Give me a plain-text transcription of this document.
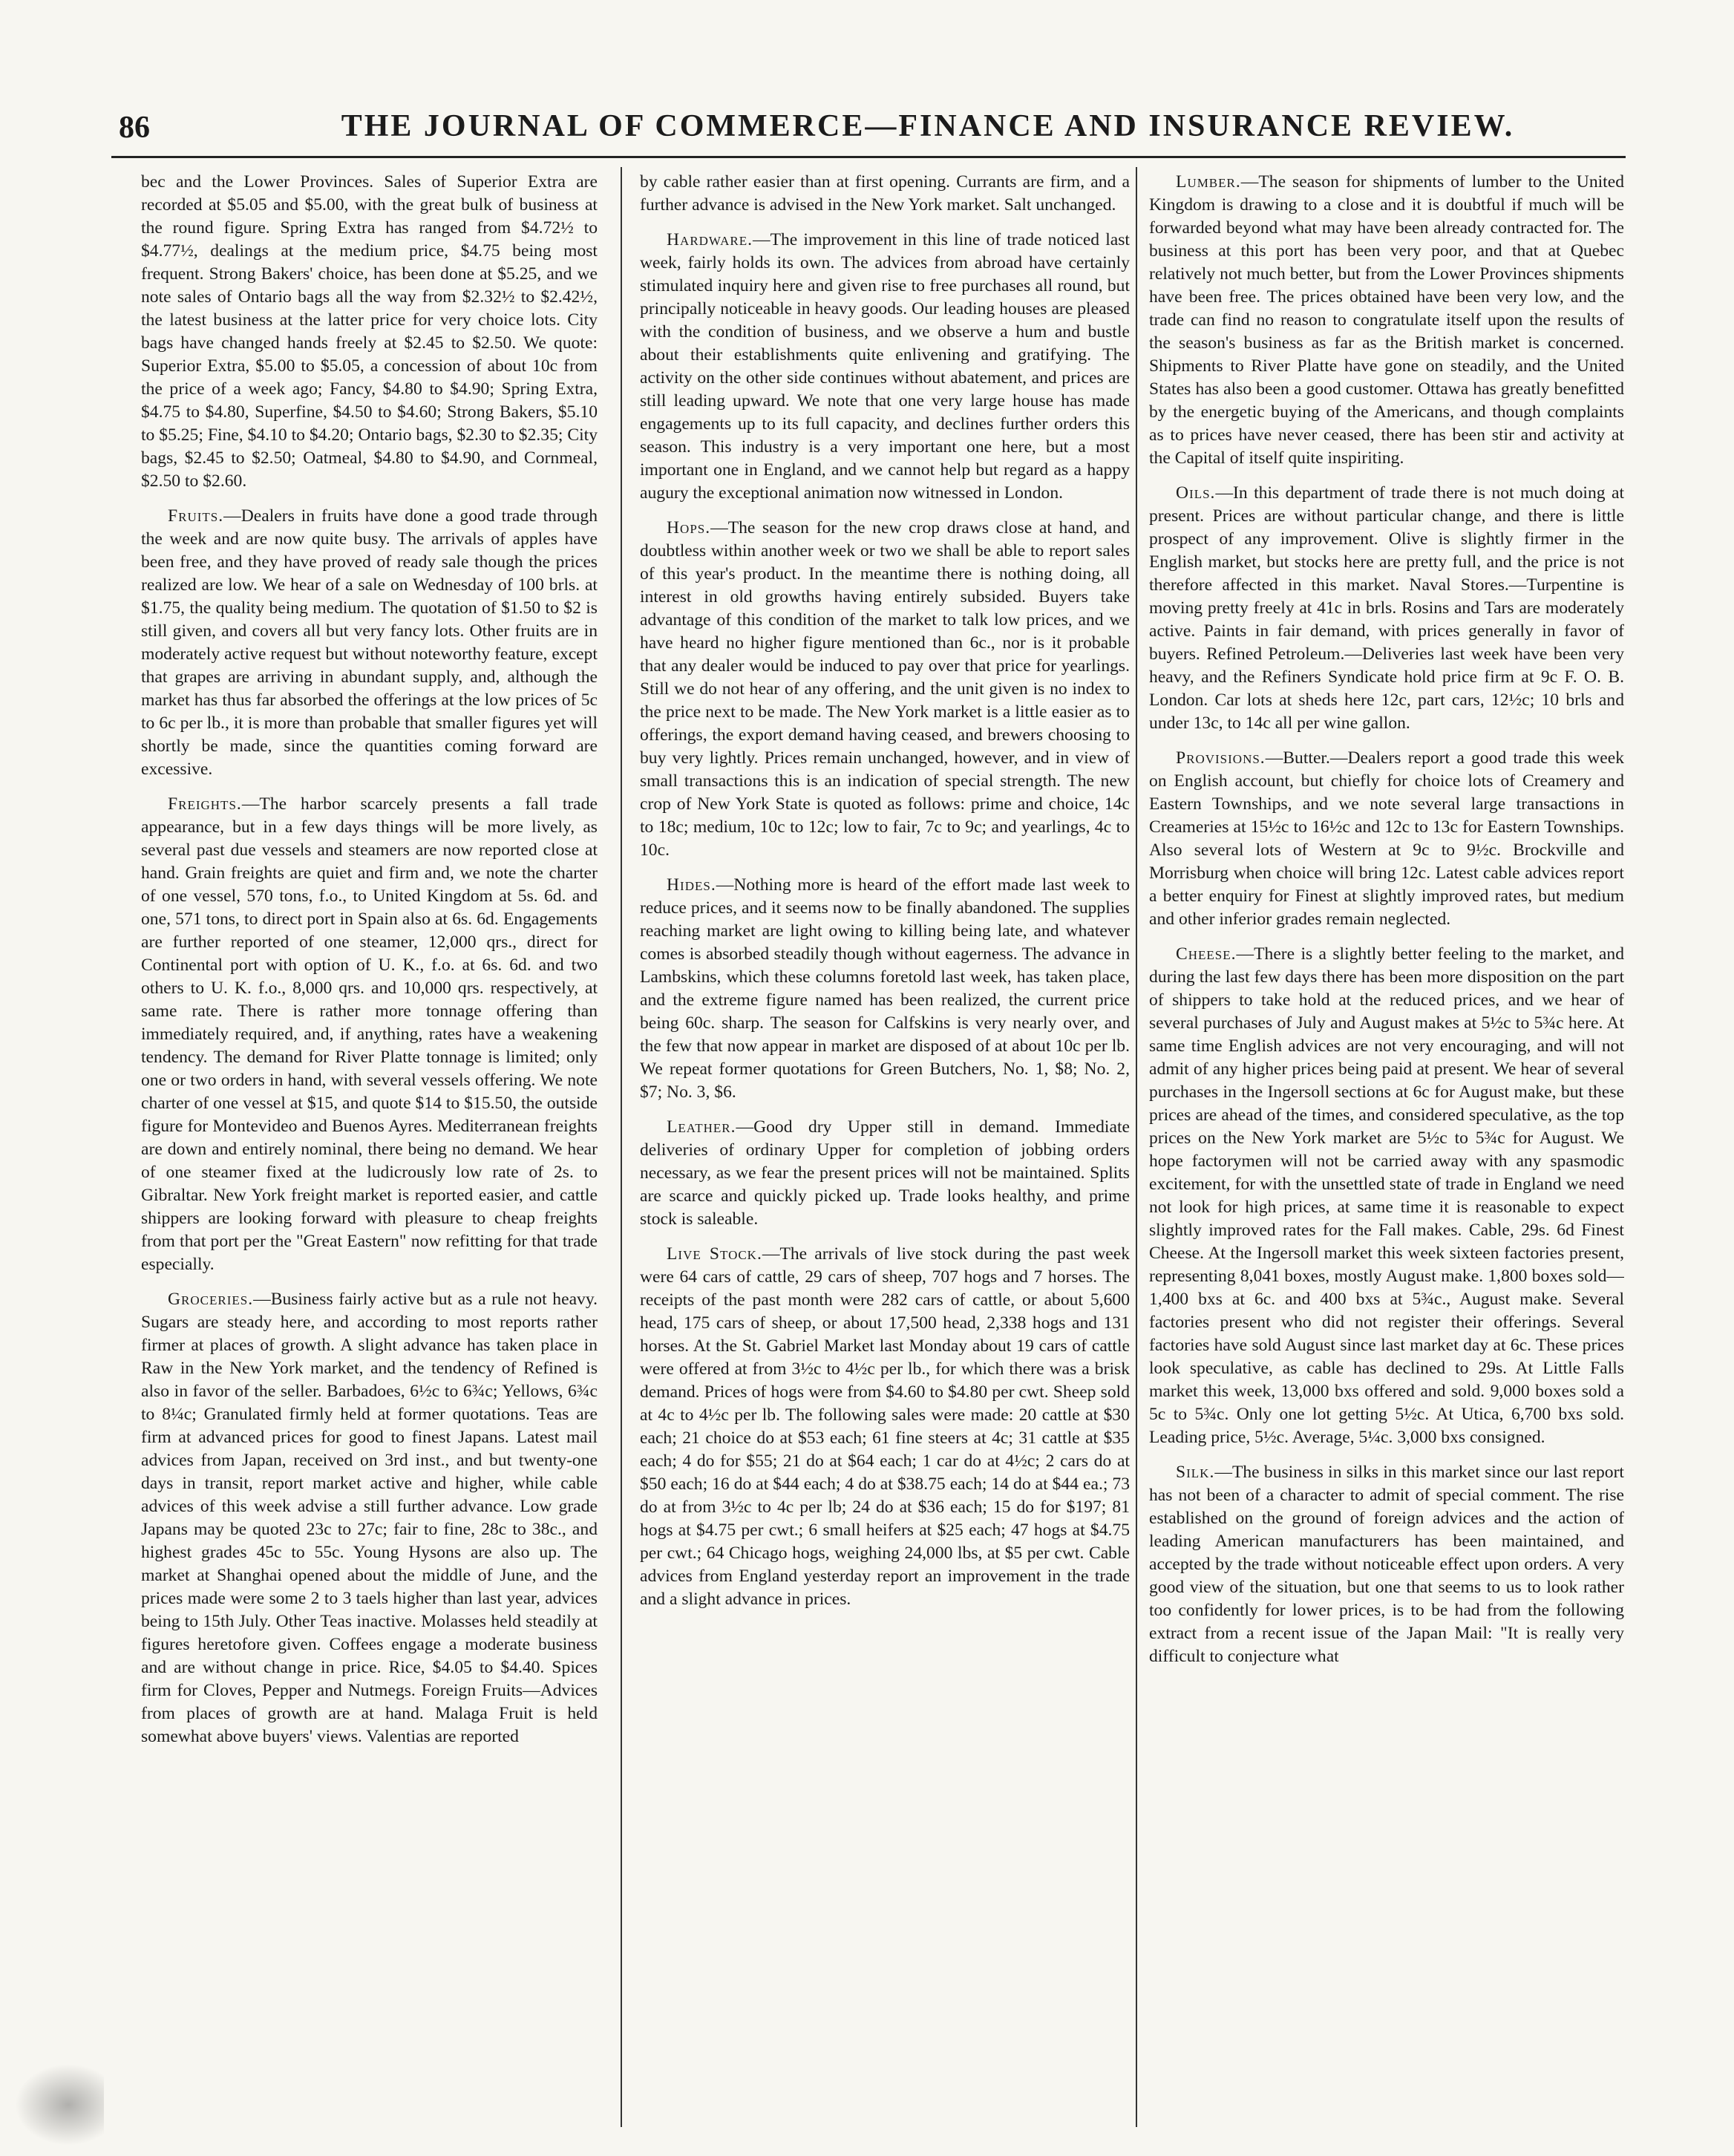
86	THE JOURNAL OF COMMERCE—FINANCE AND INSURANCE REVIEW.

bec and the Lower Provinces. Sales of Superior Extra are recorded at $5.05 and $5.00, with the great bulk of business at the round figure. Spring Extra has ranged from $4.72½ to $4.77½, dealings at the medium price, $4.75 being most frequent. Strong Bakers' choice, has been done at $5.25, and we note sales of Ontario bags all the way from $2.32½ to $2.42½, the latest business at the latter price for very choice lots. City bags have changed hands freely at $2.45 to $2.50. We quote: Superior Extra, $5.00 to $5.05, a concession of about 10c from the price of a week ago; Fancy, $4.80 to $4.90; Spring Extra, $4.75 to $4.80, Superfine, $4.50 to $4.60; Strong Bakers, $5.10 to $5.25; Fine, $4.10 to $4.20; Ontario bags, $2.30 to $2.35; City bags, $2.45 to $2.50; Oatmeal, $4.80 to $4.90, and Cornmeal, $2.50 to $2.60.

Fruits.—Dealers in fruits have done a good trade through the week and are now quite busy. The arrivals of apples have been free, and they have proved of ready sale though the prices realized are low. We hear of a sale on Wednesday of 100 brls. at $1.75, the quality being medium. The quotation of $1.50 to $2 is still given, and covers all but very fancy lots. Other fruits are in moderately active request but without noteworthy feature, except that grapes are arriving in abundant supply, and, although the market has thus far absorbed the offerings at the low prices of 5c to 6c per lb., it is more than probable that smaller figures yet will shortly be made, since the quantities coming forward are excessive.

Freights.—The harbor scarcely presents a fall trade appearance, but in a few days things will be more lively, as several past due vessels and steamers are now reported close at hand. Grain freights are quiet and firm and, we note the charter of one vessel, 570 tons, f.o., to United Kingdom at 5s. 6d. and one, 571 tons, to direct port in Spain also at 6s. 6d. Engagements are further reported of one steamer, 12,000 qrs., direct for Continental port with option of U. K., f.o. at 6s. 6d. and two others to U. K. f.o., 8,000 qrs. and 10,000 qrs. respectively, at same rate. There is rather more tonnage offering than immediately required, and, if anything, rates have a weakening tendency. The demand for River Platte tonnage is limited; only one or two orders in hand, with several vessels offering. We note charter of one vessel at $15, and quote $14 to $15.50, the outside figure for Montevideo and Buenos Ayres. Mediterranean freights are down and entirely nominal, there being no demand. We hear of one steamer fixed at the ludicrously low rate of 2s. to Gibraltar. New York freight market is reported easier, and cattle shippers are looking forward with pleasure to cheap freights from that port per the "Great Eastern" now refitting for that trade especially.

Groceries.—Business fairly active but as a rule not heavy. Sugars are steady here, and according to most reports rather firmer at places of growth. A slight advance has taken place in Raw in the New York market, and the tendency of Refined is also in favor of the seller. Barbadoes, 6½c to 6¾c; Yellows, 6¾c to 8¼c; Granulated firmly held at former quotations. Teas are firm at advanced prices for good to finest Japans. Latest mail advices from Japan, received on 3rd inst., and but twenty-one days in transit, report market active and higher, while cable advices of this week advise a still further advance. Low grade Japans may be quoted 23c to 27c; fair to fine, 28c to 38c., and highest grades 45c to 55c. Young Hysons are also up. The market at Shanghai opened about the middle of June, and the prices made were some 2 to 3 taels higher than last year, advices being to 15th July. Other Teas inactive. Molasses held steadily at figures heretofore given. Coffees engage a moderate business and are without change in price. Rice, $4.05 to $4.40. Spices firm for Cloves, Pepper and Nutmegs. Foreign Fruits—Advices from places of growth are at hand. Malaga Fruit is held somewhat above buyers' views. Valentias are reported

by cable rather easier than at first opening. Currants are firm, and a further advance is advised in the New York market. Salt unchanged.

Hardware.—The improvement in this line of trade noticed last week, fairly holds its own. The advices from abroad have certainly stimulated inquiry here and given rise to free purchases all round, but principally noticeable in heavy goods. Our leading houses are pleased with the condition of business, and we observe a hum and bustle about their establishments quite enlivening and gratifying. The activity on the other side continues without abatement, and prices are still leading upward. We note that one very large house has made engagements up to its full capacity, and declines further orders this season. This industry is a very important one here, but a most important one in England, and we cannot help but regard as a happy augury the exceptional animation now witnessed in London.

Hops.—The season for the new crop draws close at hand, and doubtless within another week or two we shall be able to report sales of this year's product. In the meantime there is nothing doing, all interest in old growths having entirely subsided. Buyers take advantage of this condition of the market to talk low prices, and we have heard no higher figure mentioned than 6c., nor is it probable that any dealer would be induced to pay over that price for yearlings. Still we do not hear of any offering, and the unit given is no index to the price next to be made. The New York market is a little easier as to offerings, the export demand having ceased, and brewers choosing to buy very lightly. Prices remain unchanged, however, and in view of small transactions this is an indication of special strength. The new crop of New York State is quoted as follows: prime and choice, 14c to 18c; medium, 10c to 12c; low to fair, 7c to 9c; and yearlings, 4c to 10c.

Hides.—Nothing more is heard of the effort made last week to reduce prices, and it seems now to be finally abandoned. The supplies reaching market are light owing to killing being late, and whatever comes is absorbed steadily though without eagerness. The advance in Lambskins, which these columns foretold last week, has taken place, and the extreme figure named has been realized, the current price being 60c. sharp. The season for Calfskins is very nearly over, and the few that now appear in market are disposed of at about 10c per lb. We repeat former quotations for Green Butchers, No. 1, $8; No. 2, $7; No. 3, $6.

Leather.—Good dry Upper still in demand. Immediate deliveries of ordinary Upper for completion of jobbing orders necessary, as we fear the present prices will not be maintained. Splits are scarce and quickly picked up. Trade looks healthy, and prime stock is saleable.

Live Stock.—The arrivals of live stock during the past week were 64 cars of cattle, 29 cars of sheep, 707 hogs and 7 horses. The receipts of the past month were 282 cars of cattle, or about 5,600 head, 175 cars of sheep, or about 17,500 head, 2,338 hogs and 131 horses. At the St. Gabriel Market last Monday about 19 cars of cattle were offered at from 3½c to 4½c per lb., for which there was a brisk demand. Prices of hogs were from $4.60 to $4.80 per cwt. Sheep sold at 4c to 4½c per lb. The following sales were made: 20 cattle at $30 each; 21 choice do at $53 each; 61 fine steers at 4c; 31 cattle at $35 each; 4 do for $55; 21 do at $64 each; 1 car do at 4½c; 2 cars do at $50 each; 16 do at $44 each; 4 do at $38.75 each; 14 do at $44 ea.; 73 do at from 3½c to 4c per lb; 24 do at $36 each; 15 do for $197; 81 hogs at $4.75 per cwt.; 6 small heifers at $25 each; 47 hogs at $4.75 per cwt.; 64 Chicago hogs, weighing 24,000 lbs, at $5 per cwt. Cable advices from England yesterday report an improvement in the trade and a slight advance in prices.

Lumber.—The season for shipments of lumber to the United Kingdom is drawing to a close and it is doubtful if much will be forwarded beyond what may have been already contracted for. The business at this port has been very poor, and that at Quebec relatively not much better, but from the Lower Provinces shipments have been free. The prices obtained have been very low, and the trade can find no reason to congratulate itself upon the results of the season's business as far as the British market is concerned. Shipments to River Platte have gone on steadily, and the United States has also been a good customer. Ottawa has greatly benefitted by the energetic buying of the Americans, and though complaints as to prices have never ceased, there has been stir and activity at the Capital of itself quite inspiriting.

Oils.—In this department of trade there is not much doing at present. Prices are without particular change, and there is little prospect of any improvement. Olive is slightly firmer in the English market, but stocks here are pretty full, and the price is not therefore affected in this market. Naval Stores.—Turpentine is moving pretty freely at 41c in brls. Rosins and Tars are moderately active. Paints in fair demand, with prices generally in favor of buyers. Refined Petroleum.—Deliveries last week have been very heavy, and the Refiners Syndicate hold price firm at 9c F. O. B. London. Car lots at sheds here 12c, part cars, 12½c; 10 brls and under 13c, to 14c all per wine gallon.

Provisions.—Butter.—Dealers report a good trade this week on English account, but chiefly for choice lots of Creamery and Eastern Townships, and we note several large transactions in Creameries at 15½c to 16½c and 12c to 13c for Eastern Townships. Also several lots of Western at 9c to 9½c. Brockville and Morrisburg when choice will bring 12c. Latest cable advices report a better enquiry for Finest at slightly improved rates, but medium and other inferior grades remain neglected.

Cheese.—There is a slightly better feeling to the market, and during the last few days there has been more disposition on the part of shippers to take hold at the reduced prices, and we hear of several purchases of July and August makes at 5½c to 5¾c here. At same time English advices are not very encouraging, and will not admit of any higher prices being paid at present. We hear of several purchases in the Ingersoll sections at 6c for August make, but these prices are ahead of the times, and considered speculative, as the top prices on the New York market are 5½c to 5¾c for August. We hope factorymen will not be carried away with any spasmodic excitement, for with the unsettled state of trade in England we need not look for high prices, at same time it is reasonable to expect slightly improved rates for the Fall makes. Cable, 29s. 6d Finest Cheese. At the Ingersoll market this week sixteen factories present, representing 8,041 boxes, mostly August make. 1,800 boxes sold—1,400 bxs at 6c. and 400 bxs at 5¾c., August make. Several factories present who did not register their offerings. Several factories have sold August since last market day at 6c. These prices look speculative, as cable has declined to 29s. At Little Falls market this week, 13,000 bxs offered and sold. 9,000 boxes sold a 5c to 5¾c. Only one lot getting 5½c. At Utica, 6,700 bxs sold. Leading price, 5½c. Average, 5¼c. 3,000 bxs consigned.

Silk.—The business in silks in this market since our last report has not been of a character to admit of special comment. The rise established on the ground of foreign advices and the action of leading American manufacturers has been maintained, and accepted by the trade without noticeable effect upon orders. A very good view of the situation, but one that seems to us to look rather too confidently for lower prices, is to be had from the following extract from a recent issue of the Japan Mail: "It is really very difficult to conjecture what
